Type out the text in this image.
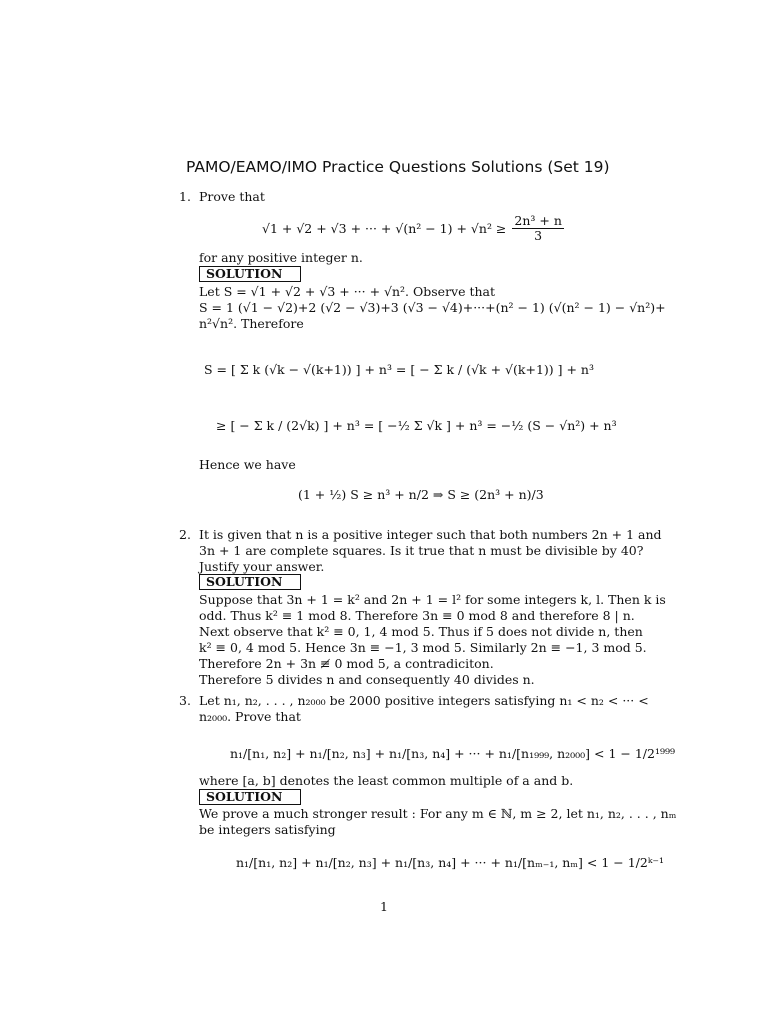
PAMO/EAMO/IMO Practice Questions Solutions (Set 19)
1. Prove that
√1 + √2 + √3 + ··· + $√(n^2 - 1) + √n^2 \ge \frac{\text{2n³ + n}}{3}$
for any positive integer n.
SOLUTION
Let S = √1 + √2 + √3 + ··· + √n². Observe that
S = 1 (√1 − √2)+2 (√2 − √3)+3 (√3 − √4)+···+(n² − 1) (√(n² − 1) − √n²)+
n²√n². Therefore
S = [ Σ k (√k − √(k+1)) ] + n³ = [ − Σ k / (√k + √(k+1)) ] + n³
≥ [ − Σ k / (2√k) ] + n³ = [ −½ Σ √k ] + n³ = −½ (S − √n²) + n³
Hence we have
(1 + ½) S ≥ n³ + n/2 ⇒ S ≥ (2n³ + n)/3
2. It is given that n is a positive integer such that both numbers 2n + 1 and
3n + 1 are complete squares. Is it true that n must be divisible by 40?
Justify your answer.
SOLUTION
Suppose that 3n + 1 = k² and 2n + 1 = l² for some integers k, l. Then k is
odd. Thus k² ≡ 1 mod 8. Therefore 3n ≡ 0 mod 8 and therefore 8 | n.
Next observe that k² ≡ 0, 1, 4 mod 5. Thus if 5 does not divide n, then
k² ≡ 0, 4 mod 5. Hence 3n ≡ −1, 3 mod 5. Similarly 2n ≡ −1, 3 mod 5.
Therefore 2n + 3n ≢ 0 mod 5, a contradiciton.
Therefore 5 divides n and consequently 40 divides n.
3. Let n₁, n₂, . . . , n₂₀₀₀ be 2000 positive integers satisfying n₁ < n₂ < ··· <
n₂₀₀₀. Prove that
n₁/[n₁, n₂] + n₁/[n₂, n₃] + n₁/[n₃, n₄] + ··· + n₁/[n₁₉₉₉, n₂₀₀₀] < 1 − 1/2¹⁹⁹⁹
where [a, b] denotes the least common multiple of a and b.
SOLUTION
We prove a much stronger result : For any m ∈ ℕ, m ≥ 2, let n₁, n₂, . . . , nₘ
be integers satisfying
n₁/[n₁, n₂] + n₁/[n₂, n₃] + n₁/[n₃, n₄] + ··· + n₁/[nₘ₋₁, nₘ] < 1 − 1/2ᵏ⁻¹
1
